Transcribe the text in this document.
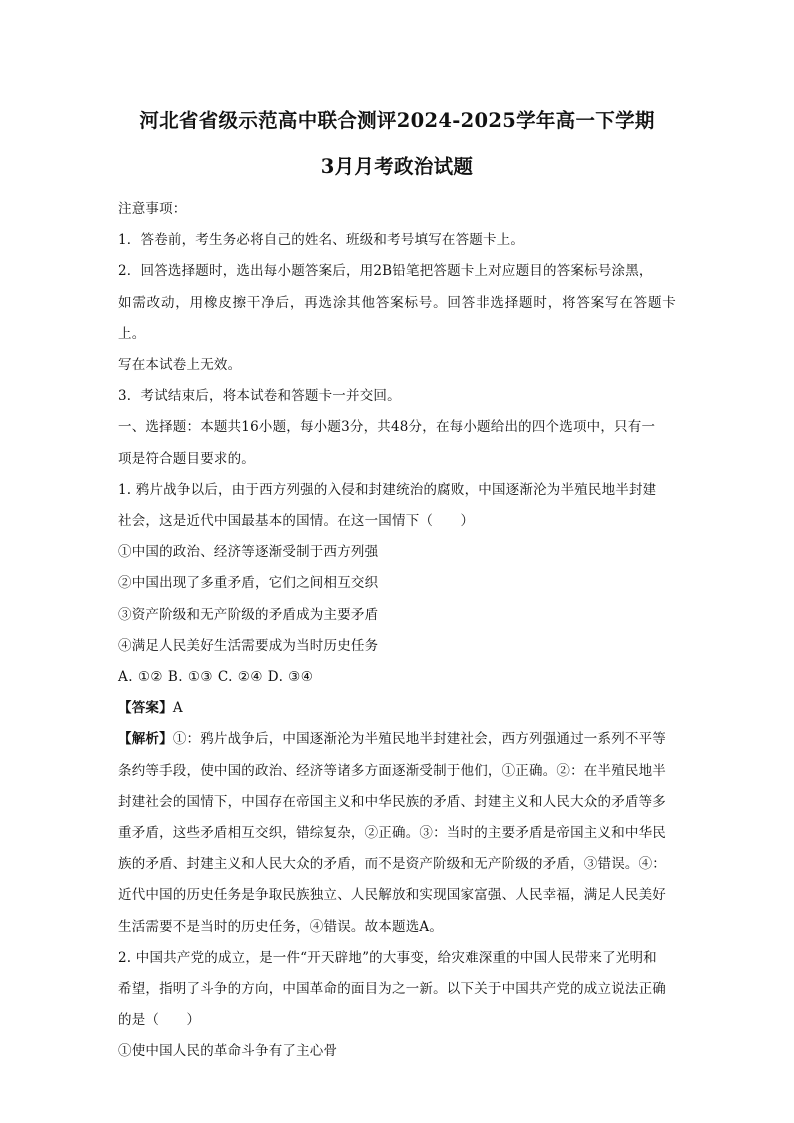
河北省省级示范高中联合测评2024-2025学年高一下学期

3月月考政治试题

注意事项：

1．答卷前，考生务必将自己的姓名、班级和考号填写在答题卡上。

2．回答选择题时，选出每小题答案后，用2B铅笔把答题卡上对应题目的答案标号涂黑，

如需改动，用橡皮擦干净后，再选涂其他答案标号。回答非选择题时，将答案写在答题卡上。

写在本试卷上无效。

3．考试结束后，将本试卷和答题卡一并交回。

一、选择题：本题共16小题，每小题3分，共48分，在每小题给出的四个选项中，只有一

项是符合题目要求的。

1. 鸦片战争以后，由于西方列强的入侵和封建统治的腐败，中国逐渐沦为半殖民地半封建

社会，这是近代中国最基本的国情。在这一国情下（　　）

①中国的政治、经济等逐渐受制于西方列强

②中国出现了多重矛盾，它们之间相互交织

③资产阶级和无产阶级的矛盾成为主要矛盾

④满足人民美好生活需要成为当时历史任务

A. ①② B. ①③ C. ②④ D. ③④

【答案】A

【解析】①：鸦片战争后，中国逐渐沦为半殖民地半封建社会，西方列强通过一系列不平等

条约等手段，使中国的政治、经济等诸多方面逐渐受制于他们，①正确。②：在半殖民地半

封建社会的国情下，中国存在帝国主义和中华民族的矛盾、封建主义和人民大众的矛盾等多

重矛盾，这些矛盾相互交织，错综复杂，②正确。③：当时的主要矛盾是帝国主义和中华民

族的矛盾、封建主义和人民大众的矛盾，而不是资产阶级和无产阶级的矛盾，③错误。④：

近代中国的历史任务是争取民族独立、人民解放和实现国家富强、人民幸福，满足人民美好

生活需要不是当时的历史任务，④错误。故本题选A。

2. 中国共产党的成立，是一件“开天辟地”的大事变，给灾难深重的中国人民带来了光明和

希望，指明了斗争的方向，中国革命的面目为之一新。以下关于中国共产党的成立说法正确

的是（　　）

①使中国人民的革命斗争有了主心骨
